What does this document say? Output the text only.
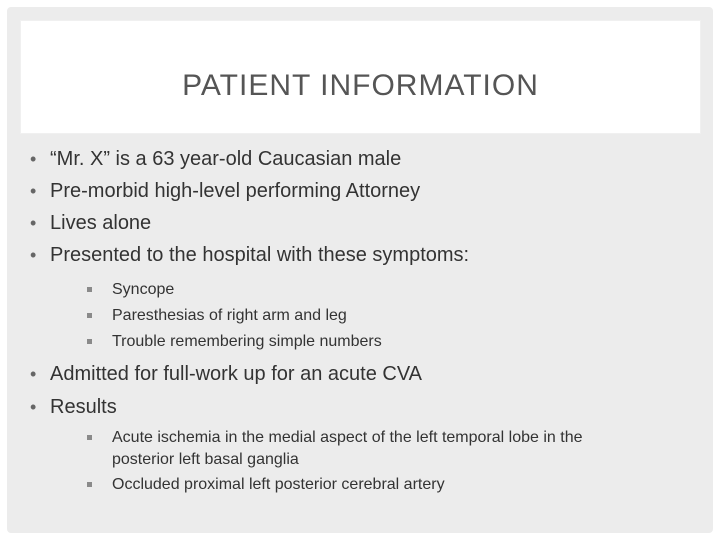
PATIENT INFORMATION
• “Mr. X” is a 63 year-old Caucasian male
• Pre-morbid high-level performing Attorney
• Lives alone
• Presented to the hospital with these symptoms:
Syncope
Paresthesias of right arm and leg
Trouble remembering simple numbers
• Admitted for full-work up for an acute CVA
• Results
Acute ischemia in the medial aspect of the left temporal lobe in the
posterior left basal ganglia
Occluded proximal left posterior cerebral artery
